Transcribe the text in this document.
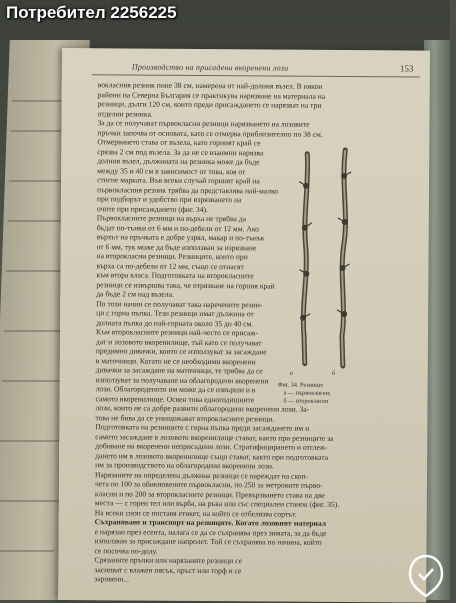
Производство на присадени вкоренени лози	153
вокласния резник поне 38 см, намерена от най-долния възел. В някои
райони на Северна България се практикува нарязване на материала на
резници, дълги 120 см, които преди присаждането се нарязват на три
отделни резника.
За да се получават първокласни резници нарязването на лозовите
пръчки започва от основата, като се отмерва приблизително по 38 см.
Отмерването става от възела, като горният край се
срязва 2 см под възела. За да не се взаимни нарязва
долния възел, дължината на резника може да бъде
между 35 и 40 см в зависимост от това, коя от
стигне марката. Във всеки случай горният край на
първокласния резник трябва да представлява най-малко
при подборът и удобство при изрязването на
очите при присаждането (фиг. 34).
Първокласните резници на върха не трябва да
бъдат по-тънки от 6 мм и по-дебели от 12 мм. Ако
върхът на пръчката е добре узрял, макар и по-тънък
от 6 мм, тук може да бъде използван за изрязване
на второкласни резници. Резниците, които при
върха са по-дебели от 12 мм, също се отнасят
към втора класа. Подготовката на второкласните
резници се извършва така, че отрязване на горния край
да бъде 2 см над възела.
По този начин се получават така наречените резни-
ци с горна пъпка. Тези резници имат дължина от
долната пъпка до най-горната около 35 до 40 см.
Към второкласните резници най-често се присаж-
дат и лозовото вкоренилище, тъй като се получават
предимно дивачки, които се използуват за засаждане
в маточници. Когато не се необходими вкоренени
дивачки за засаждане на маточници, те трябва да се
използуват за получаване на облагородени вкоренени
лози. Облагороденото им може да се извърши и в
самото вкоренилище. Освен това едногодишните
лози, които не са добре развити облагородени вкоренени лози. За-
това не бива да се унищожават второкласните резници.
Подготовката на резниците с горна пъпка преди засаждането им и
самото засаждане в лозовото вкоренилище стават, както при резниците за
добиване на вкоренени неприсадени лози. Стратифицирането и отглеж-
дането им в лозовото вкоренилище също стават, както при подготовката
им за производството на облагородени вкоренени лози.
Нарязаните на определена дължина резници се нареждат на скоп-
четa по 100 за обикновените първокласни, по 250 за метровите първо-
класни и по 200 за второкласните резници. Превързването става на две
места — с горен тел или върба, на ръка или със специален станок (фиг. 35).
На всеки сноп се поставя етикет, на който се отбелязва сортът.
Съхраняване и транспорт на резниците. Когато лозовият материал
е нарязан през есента, налага се да се съхранява през зимата, за да бъде
използван за присаждане напролет. Той се съхранява по начина, който
се посочва по-долу.
Срязаните пръчки или нарязаните резници се
засипват с влажен пясък, пръст или торф и се
заровени...
а	б
Фиг. 34. Резници:
а — първокласен;
б — второкласен
Потребител 2256225
